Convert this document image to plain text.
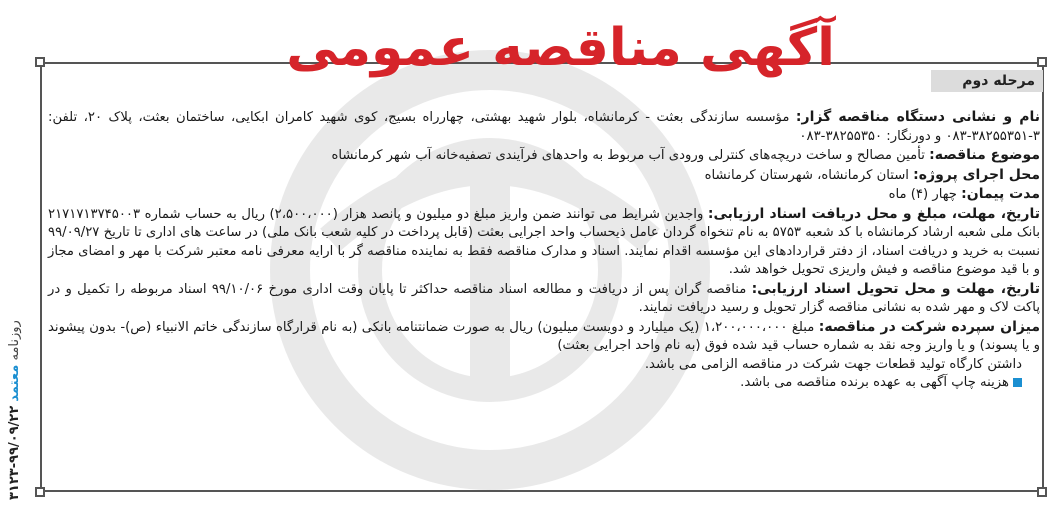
آگهی مناقصه عمومی
مرحله دوم

نام و نشانی دستگاه مناقصه گزار: مؤسسه سازندگی بعثت - کرمانشاه، بلوار شهید بهشتی، چهارراه بسیج، کوی شهید کامران ابکایی، ساختمان بعثت، پلاک ۲۰، تلفن: ۳-۳۸۲۵۵۳۵۱-۰۸۳ و دورنگار: ۳۸۲۵۵۳۵۰-۰۸۳

موضوع مناقصه: تأمین مصالح و ساخت دریچه‌های کنترلی ورودی آب مربوط به واحدهای فرآیندی تصفیه‌خانه آب شهر کرمانشاه

محل اجرای پروژه: استان کرمانشاه، شهرستان کرمانشاه

مدت پیمان: چهار (۴) ماه

تاریخ، مهلت، مبلغ و محل دریافت اسناد ارزیابی: واجدین شرایط می توانند ضمن واریز مبلغ دو میلیون و پانصد هزار (۲،۵۰۰،۰۰۰) ریال به حساب شماره ۲۱۷۱۷۱۳۷۴۵۰۰۳ بانک ملی شعبه ارشاد کرمانشاه با کد شعبه ۵۷۵۳ به نام تنخواه گردان عامل ذیحساب واحد اجرایی بعثت (قابل پرداخت در کلیه شعب بانک ملی) در ساعت های اداری تا تاریخ ۹۹/۰۹/۲۷ نسبت به خرید و دریافت اسناد، از دفتر قراردادهای این مؤسسه اقدام نمایند. اسناد و مدارک مناقصه فقط به نماینده مناقصه گر با ارایه معرفی نامه معتبر شرکت با مهر و امضای مجاز و با قید موضوع مناقصه و فیش واریزی تحویل خواهد شد.

تاریخ، مهلت و محل تحویل اسناد ارزیابی: مناقصه گران پس از دریافت و مطالعه اسناد مناقصه حداکثر تا پایان وقت اداری مورخ ۹۹/۱۰/۰۶ اسناد مربوطه را تکمیل و در پاکت لاک و مهر شده به نشانی مناقصه گزار تحویل و رسید دریافت نمایند.

میزان سپرده شرکت در مناقصه: مبلغ ۱،۲۰۰،۰۰۰،۰۰۰ (یک میلیارد و دویست میلیون) ریال به صورت ضمانتنامه بانکی (به نام قرارگاه سازندگی خاتم الانبیاء (ص)- بدون پیشوند و یا پسوند) و یا واریز وجه نقد به شماره حساب قید شده فوق (به نام واحد اجرایی بعثت)

داشتن کارگاه تولید قطعات جهت شرکت در مناقصه الزامی می باشد.

هزینه چاپ آگهی به عهده برنده مناقصه می باشد.

روزنامه معتمد ۹۹/۰۹/۲۲-۳۱۲۳
